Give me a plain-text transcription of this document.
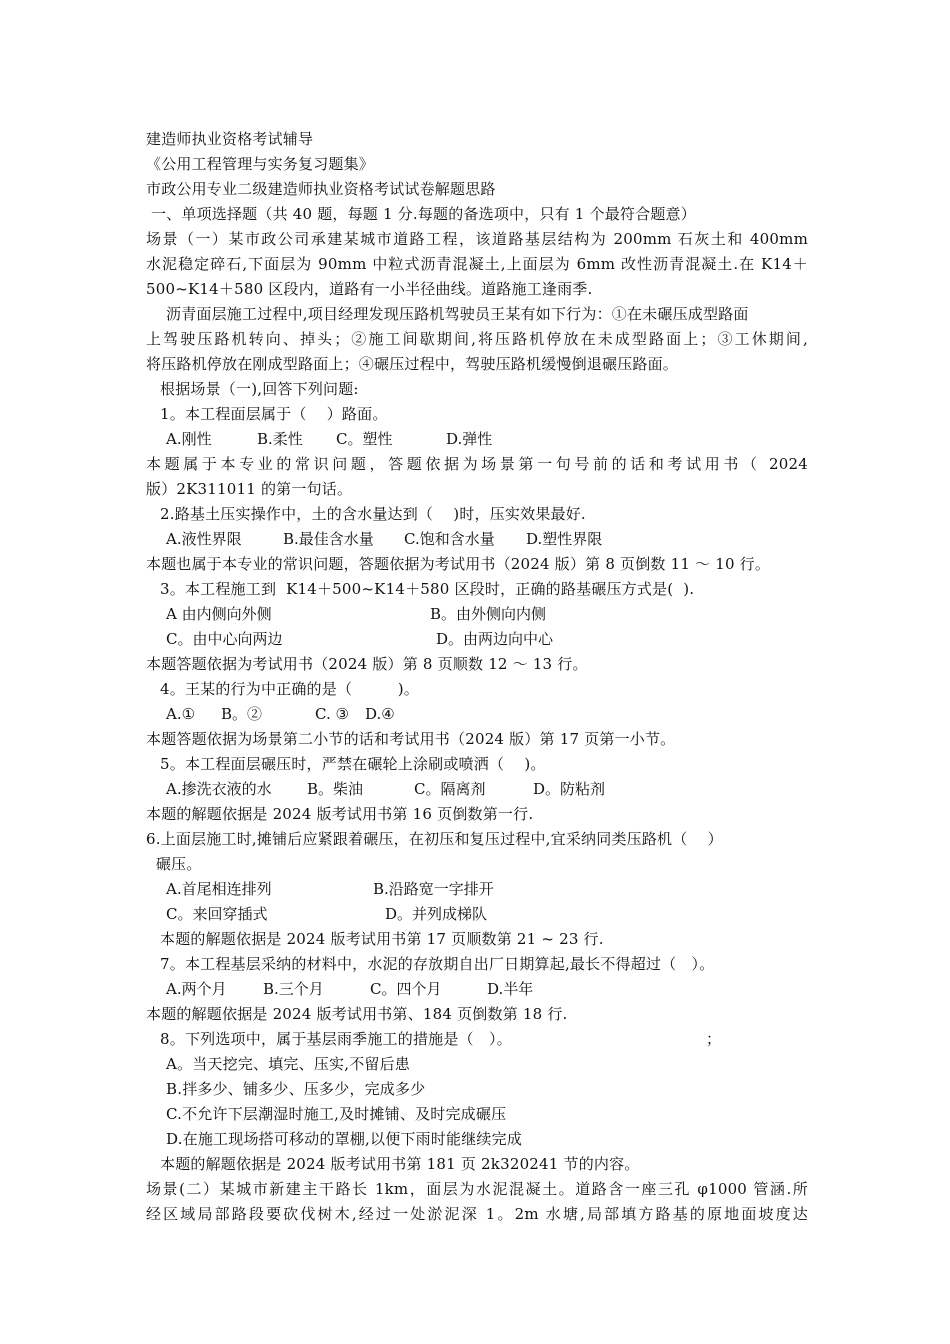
建造师执业资格考试辅导
《公用工程管理与实务复习题集》
市政公用专业二级建造师执业资格考试试卷解题思路
一、单项选择题（共 40 题，每题 1 分.每题的备选项中，只有 1 个最符合题意）
场景（一）某市政公司承建某城市道路工程，该道路基层结构为 200mm 石灰土和 400mm
水泥稳定碎石,下面层为 90mm 中粒式沥青混凝土,上面层为 6mm 改性沥青混凝土.在 K14＋
500~K14＋580 区段内，道路有一小半径曲线。道路施工逢雨季.
沥青面层施工过程中,项目经理发现压路机驾驶员王某有如下行为：①在未碾压成型路面
上驾驶压路机转向、掉头；②施工间歇期间,将压路机停放在未成型路面上；③工休期间,
将压路机停放在刚成型路面上；④碾压过程中，驾驶压路机缓慢倒退碾压路面。
根据场景（一),回答下列问题:
1。本工程面层属于（　 ）路面。
A.刚性	B.柔性 C。塑性	D.弹性
本题属于本专业的常识问题，答题依据为场景第一句号前的话和考试用书（ 2024
版）2K311011 的第一句话。
2.路基土压实操作中，土的含水量达到（　 )时，压实效果最好.
A.液性界限	B.最佳含水量 C.饱和含水量 D.塑性界限
本题也属于本专业的常识问题，答题依据为考试用书（2024 版）第 8 页倒数 11 ～ 10 行。
3。本工程施工到  K14＋500~K14＋580 区段时，正确的路基碾压方式是(  ).
A 由内侧向外侧	B。由外侧向内侧
C。由中心向两边	D。由两边向中心
本题答题依据为考试用书（2024 版）第 8 页顺数 12 ～ 13 行。
4。王某的行为中正确的是（　　　)。
A.① B。②	C. ③ D.④
本题答题依据为场景第二小节的话和考试用书（2024 版）第 17 页第一小节。
5。本工程面层碾压时，严禁在碾轮上涂刷或喷洒（　 )。
A.掺洗衣液的水 B。柴油	C。隔离剂	D。防粘剂
本题的解题依据是 2024 版考试用书第 16 页倒数第一行.
6.上面层施工时,摊铺后应紧跟着碾压，在初压和复压过程中,宜采纳同类压路机（　 ）
碾压。
A.首尾相连排列	B.沿路宽一字排开
C。来回穿插式	D。并列成梯队
本题的解题依据是 2024 版考试用书第 17 页顺数第 21 ~ 23 行.
7。本工程基层采纳的材料中，水泥的存放期自出厂日期算起,最长不得超过（　）。
A.两个月 B.三个月	C。四个月	D.半年
本题的解题依据是 2024 版考试用书第、184 页倒数第 18 行.
8。下列选项中，属于基层雨季施工的措施是（　）。	；
A。当天挖完、填完、压实,不留后患
B.拌多少、铺多少、压多少，完成多少
C.不允许下层潮湿时施工,及时摊铺、及时完成碾压
D.在施工现场搭可移动的罩棚,以便下雨时能继续完成
本题的解题依据是 2024 版考试用书第 181 页 2k320241 节的内容。
场景(二）某城市新建主干路长 1km，面层为水泥混凝土。道路含一座三孔 φ1000 管涵.所
经区域局部路段要砍伐树木,经过一处淤泥深 1。2m 水塘,局部填方路基的原地面坡度达
